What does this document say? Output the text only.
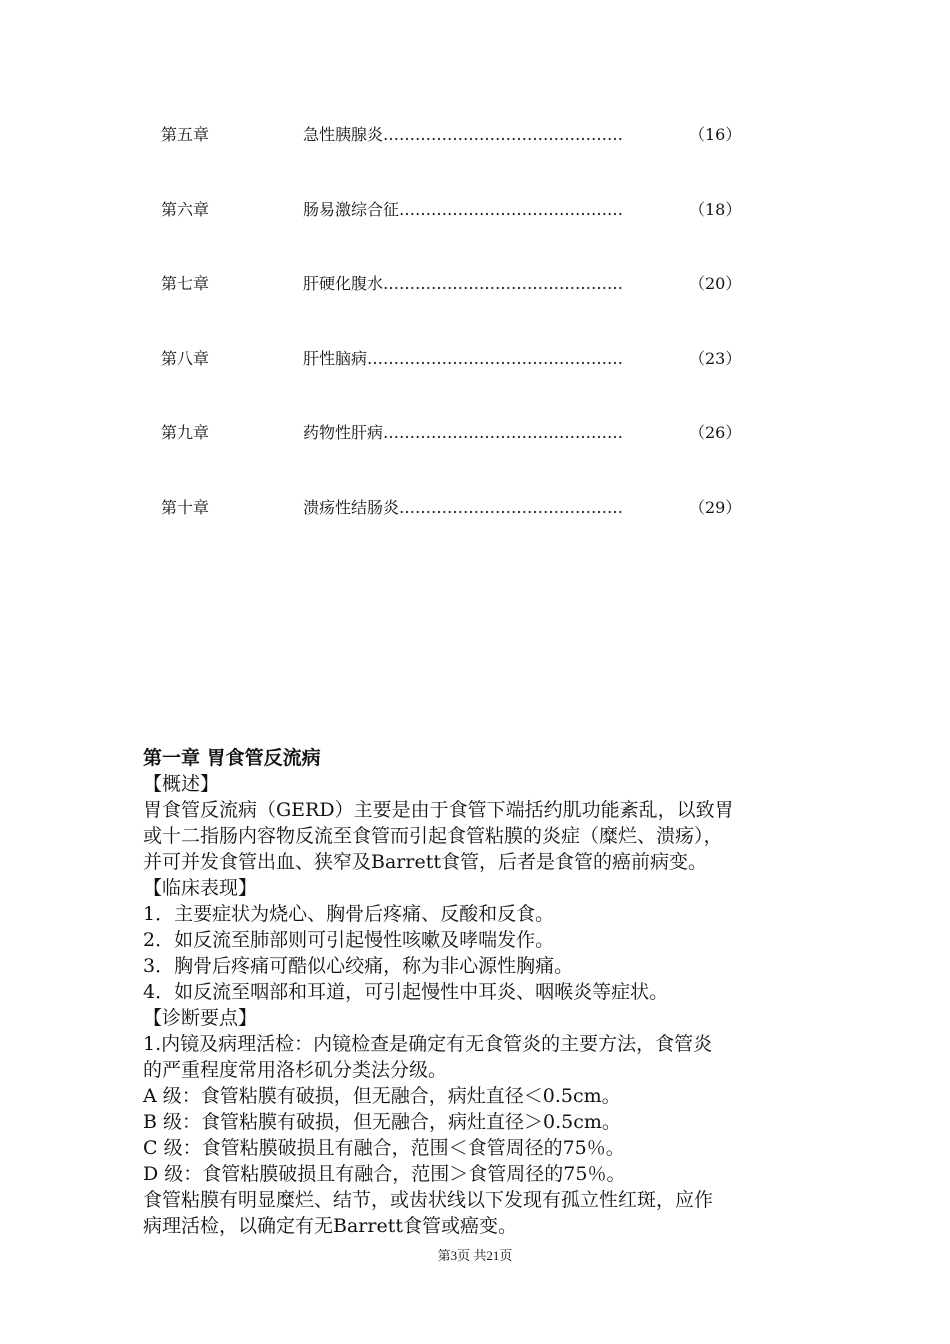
第五章	急性胰腺炎………………………………………	（16）
第六章	肠易激综合征……………………………………	（18）
第七章	肝硬化腹水………………………………………	（20）
第八章	肝性脑病…………………………………………	（23）
第九章	药物性肝病………………………………………	（26）
第十章	溃疡性结肠炎……………………………………	（29）
第一章 胃食管反流病

【概述】

胃食管反流病（GERD）主要是由于食管下端括约肌功能紊乱，以致胃

或十二指肠内容物反流至食管而引起食管粘膜的炎症（糜烂、溃疡），

并可并发食管出血、狭窄及Barrett食管，后者是食管的癌前病变。

【临床表现】

1．主要症状为烧心、胸骨后疼痛、反酸和反食。

2．如反流至肺部则可引起慢性咳嗽及哮喘发作。

3．胸骨后疼痛可酷似心绞痛，称为非心源性胸痛。

4．如反流至咽部和耳道，可引起慢性中耳炎、咽喉炎等症状。

【诊断要点】

1.内镜及病理活检：内镜检查是确定有无食管炎的主要方法，食管炎

的严重程度常用洛杉矶分类法分级。

A 级：食管粘膜有破损，但无融合，病灶直径＜0.5cm。

B 级：食管粘膜有破损，但无融合，病灶直径＞0.5cm。

C 级：食管粘膜破损且有融合，范围＜食管周径的75％。

D 级：食管粘膜破损且有融合，范围＞食管周径的75％。

食管粘膜有明显糜烂、结节，或齿状线以下发现有孤立性红斑，应作

病理活检，以确定有无Barrett食管或癌变。

第3页 共21页
